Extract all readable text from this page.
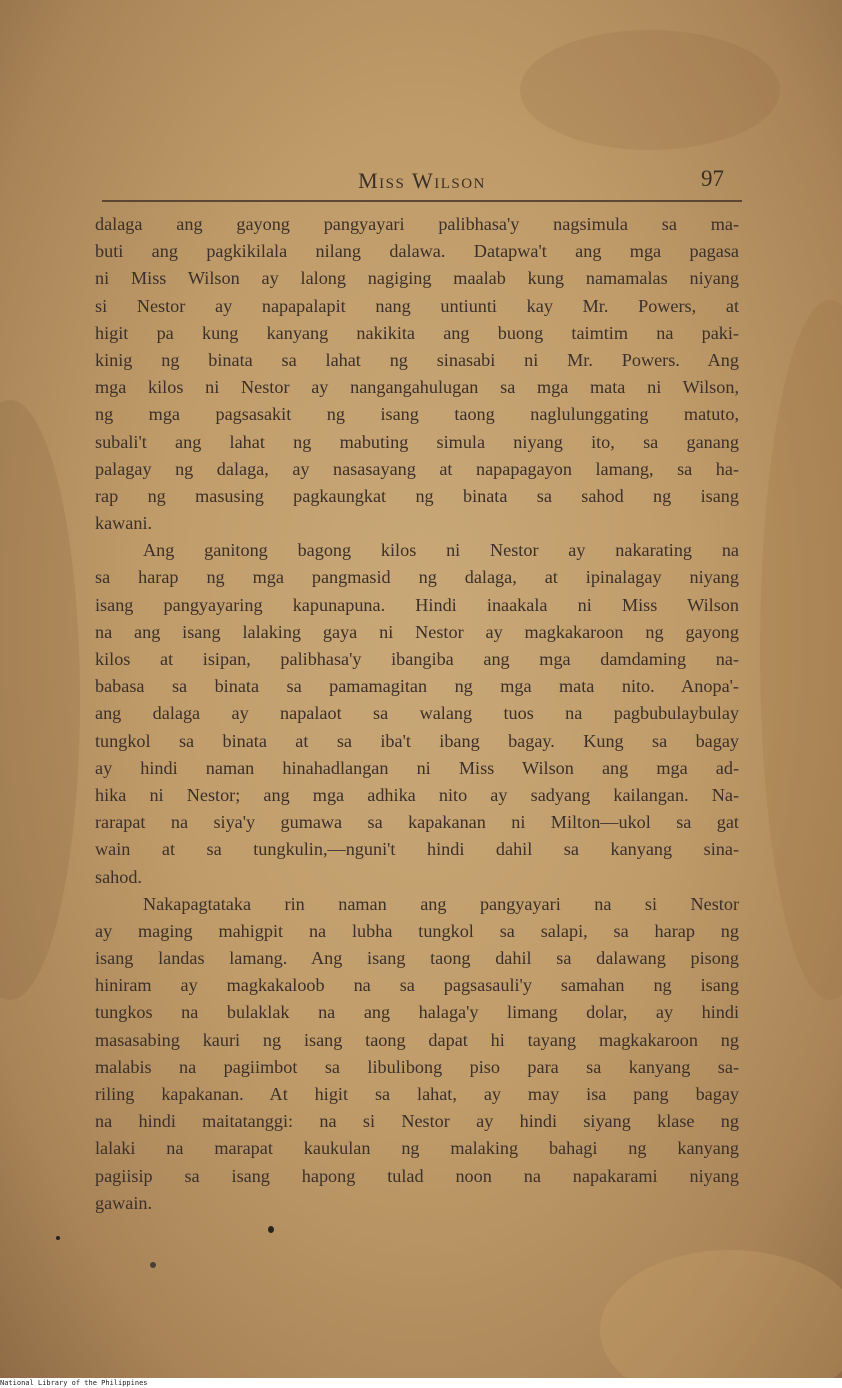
Miss Wilson	97
dalaga ang gayong pangyayari palibhasa'y nagsimula sa ma-
buti ang pagkikilala nilang dalawa. Datapwa't ang mga pagasa
ni Miss Wilson ay lalong nagiging maalab kung namamalas niyang
si Nestor ay napapalapit nang untiunti kay Mr. Powers, at
higit pa kung kanyang nakikita ang buong taimtim na paki-
kinig ng binata sa lahat ng sinasabi ni Mr. Powers. Ang
mga kilos ni Nestor ay nangangahulugan sa mga mata ni Wilson,
ng mga pagsasakit ng isang taong naglulunggating matuto,
subali't ang lahat ng mabuting simula niyang ito, sa ganang
palagay ng dalaga, ay nasasayang at napapagayon lamang, sa ha-
rap ng masusing pagkaungkat ng binata sa sahod ng isang
kawani.
Ang ganitong bagong kilos ni Nestor ay nakarating na
sa harap ng mga pangmasid ng dalaga, at ipinalagay niyang
isang pangyayaring kapunapuna. Hindi inaakala ni Miss Wilson
na ang isang lalaking gaya ni Nestor ay magkakaroon ng gayong
kilos at isipan, palibhasa'y ibangiba ang mga damdaming na-
babasa sa binata sa pamamagitan ng mga mata nito. Anopa'-
ang dalaga ay napalaot sa walang tuos na pagbubulaybulay
tungkol sa binata at sa iba't ibang bagay. Kung sa bagay
ay hindi naman hinahadlangan ni Miss Wilson ang mga ad-
hika ni Nestor; ang mga adhika nito ay sadyang kailangan. Na-
rarapat na siya'y gumawa sa kapakanan ni Milton—ukol sa gat
wain at sa tungkulin,—nguni't hindi dahil sa kanyang sina-
sahod.
Nakapagtataka rin naman ang pangyayari na si Nestor
ay maging mahigpit na lubha tungkol sa salapi, sa harap ng
isang landas lamang. Ang isang taong dahil sa dalawang pisong
hiniram ay magkakaloob na sa pagsasauli'y samahan ng isang
tungkos na bulaklak na ang halaga'y limang dolar, ay hindi
masasabing kauri ng isang taong dapat hi tayang magkakaroon ng
malabis na pagiimbot sa libulibong piso para sa kanyang sa-
riling kapakanan. At higit sa lahat, ay may isa pang bagay
na hindi maitatanggi: na si Nestor ay hindi siyang klase ng
lalaki na marapat kaukulan ng malaking bahagi ng kanyang
pagiisip sa isang hapong tulad noon na napakarami niyang
gawain.
National Library of the Philippines
